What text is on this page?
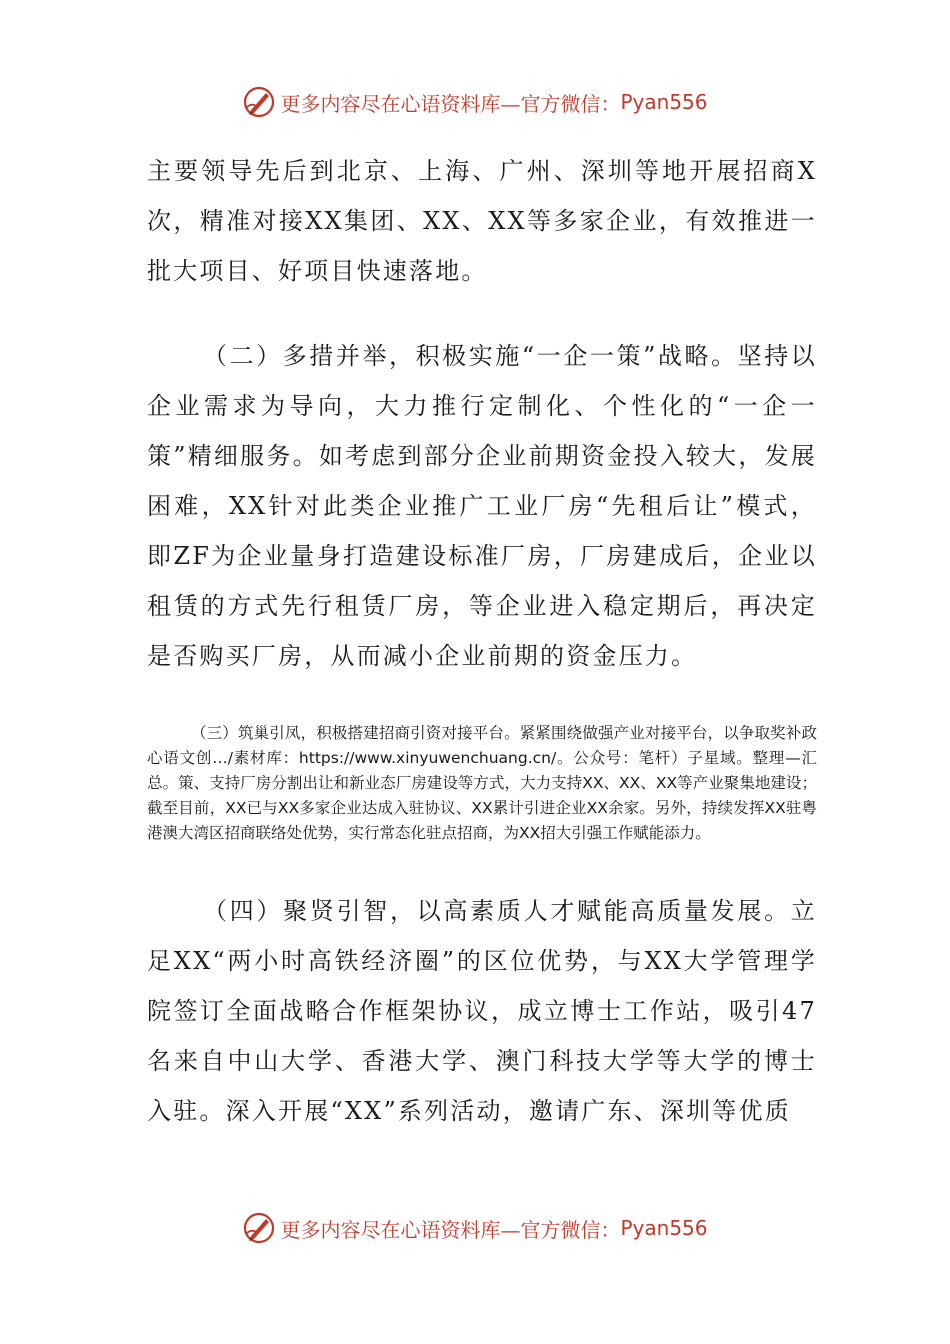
更多内容尽在心语资料库—官方微信： Pyan556

主要领导先后到北京、上海、广州、深圳等地开展招商X次，精准对接XX集团、XX、XX等多家企业，有效推进一批大项目、好项目快速落地。

（二）多措并举，积极实施“一企一策”战略。坚持以企业需求为导向，大力推行定制化、个性化的“一企一策”精细服务。如考虑到部分企业前期资金投入较大，发展困难，XX针对此类企业推广工业厂房“先租后让”模式，即ZF为企业量身打造建设标准厂房，厂房建成后，企业以租赁的方式先行租赁厂房，等企业进入稳定期后，再决定是否购买厂房，从而减小企业前期的资金压力。

（三）筑巢引凤，积极搭建招商引资对接平台。紧紧围绕做强产业对接平台，以争取奖补政心语文创…/素材库：https://www.xinyuwenchuang.cn/。公众号：笔杆）子星域。整理—汇总。策、支持厂房分割出让和新业态厂房建设等方式，大力支持XX、XX、XX等产业聚集地建设；截至目前，XX已与XX多家企业达成入驻协议、XX累计引进企业XX余家。另外，持续发挥XX驻粤港澳大湾区招商联络处优势，实行常态化驻点招商，为XX招大引强工作赋能添力。

（四）聚贤引智，以高素质人才赋能高质量发展。立足XX“两小时高铁经济圈”的区位优势，与XX大学管理学院签订全面战略合作框架协议，成立博士工作站，吸引47名来自中山大学、香港大学、澳门科技大学等大学的博士入驻。深入开展“XX”系列活动，邀请广东、深圳等优质

更多内容尽在心语资料库—官方微信： Pyan556
